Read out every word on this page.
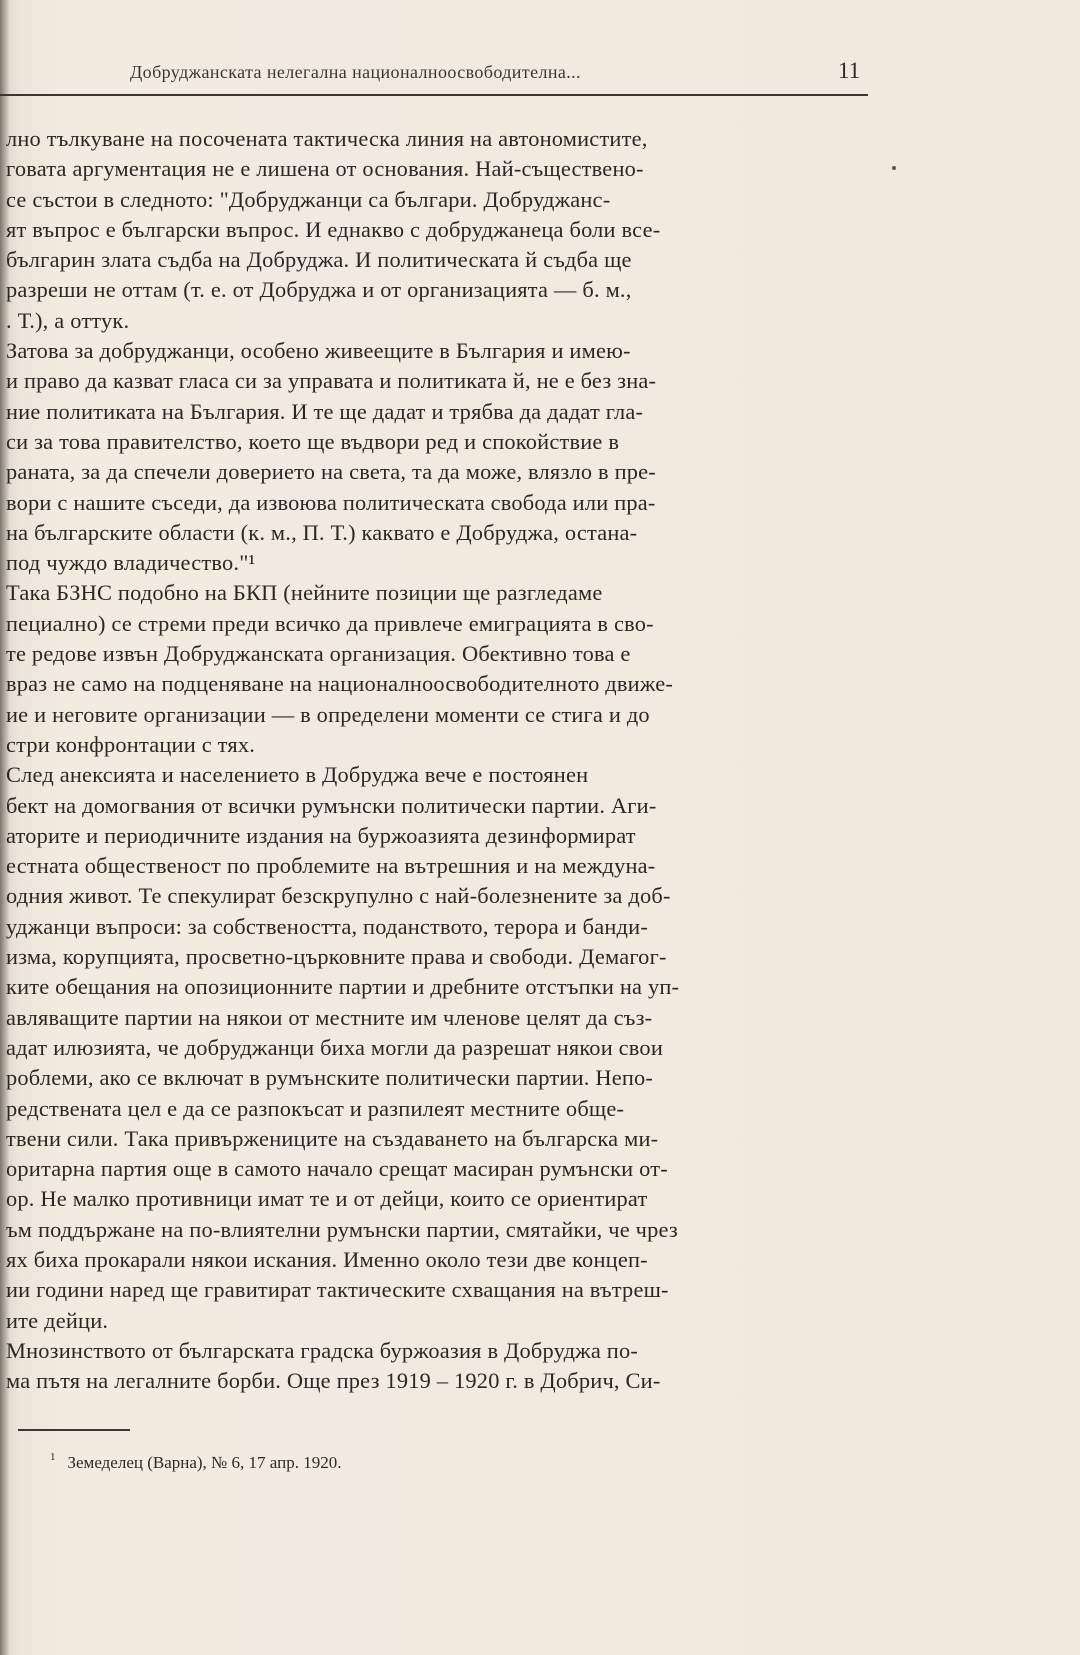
Добруджанската нелегална националноосвободителна...	11
лно тълкуване на посочената тактическа линия на автономистите,
говата аргументация не е лишена от основания. Най-съществено-
се състои в следното: "Добруджанци са българи. Добруджанс-
ят въпрос е български въпрос. И еднакво с добруджанеца боли все-
българин злата съдба на Добруджа. И политическата й съдба ще
разреши не оттам (т. е. от Добруджа и от организацията — б. м.,
. Т.), а оттук.
Затова за добруджанци, особено живеещите в България и имею-
и право да казват гласа си за управата и политиката й, не е без зна-
ние политиката на България. И те ще дадат и трябва да дадат гла-
си за това правителство, което ще въдвори ред и спокойствие в
раната, за да спечели доверието на света, та да може, влязло в пре-
вори с нашите съседи, да извоюва политическата свобода или пра-
на българските области (к. м., П. Т.) каквато е Добруджа, остана-
под чуждо владичество."¹
Така БЗНС подобно на БКП (нейните позиции ще разгледаме
пециално) се стреми преди всичко да привлече емиграцията в сво-
те редове извън Добруджанската организация. Обективно това е
враз не само на подценяване на националноосвободителното движе-
ие и неговите организации — в определени моменти се стига и до
стри конфронтации с тях.
След анексията и населението в Добруджа вече е постоянен
бект на домогвания от всички румънски политически партии. Аги-
аторите и периодичните издания на буржоазията дезинформират
естната общественост по проблемите на вътрешния и на междуна-
одния живот. Те спекулират безскрупулно с най-болезнените за доб-
уджанци въпроси: за собствеността, поданството, терора и банди-
изма, корупцията, просветно-църковните права и свободи. Демагог-
ките обещания на опозиционните партии и дребните отстъпки на уп-
авляващите партии на някои от местните им членове целят да съз-
адат илюзията, че добруджанци биха могли да разрешат някои свои
роблеми, ако се включат в румънските политически партии. Непо-
редствената цел е да се разпокъсат и разпилеят местните обще-
твени сили. Така привържениците на създаването на българска ми-
оритарна партия още в самото начало срещат масиран румънски от-
ор. Не малко противници имат те и от дейци, които се ориентират
ъм поддържане на по-влиятелни румънски партии, смятайки, че чрез
ях биха прокарали някои искания. Именно около тези две концеп-
ии години наред ще гравитират тактическите схващания на вътреш-
ите дейци.
Мнозинството от българската градска буржоазия в Добруджа по-
ма пътя на легалните борби. Още през 1919 – 1920 г. в Добрич, Си-
$^1$ Земеделец (Варна), № 6, 17 апр. 1920.
